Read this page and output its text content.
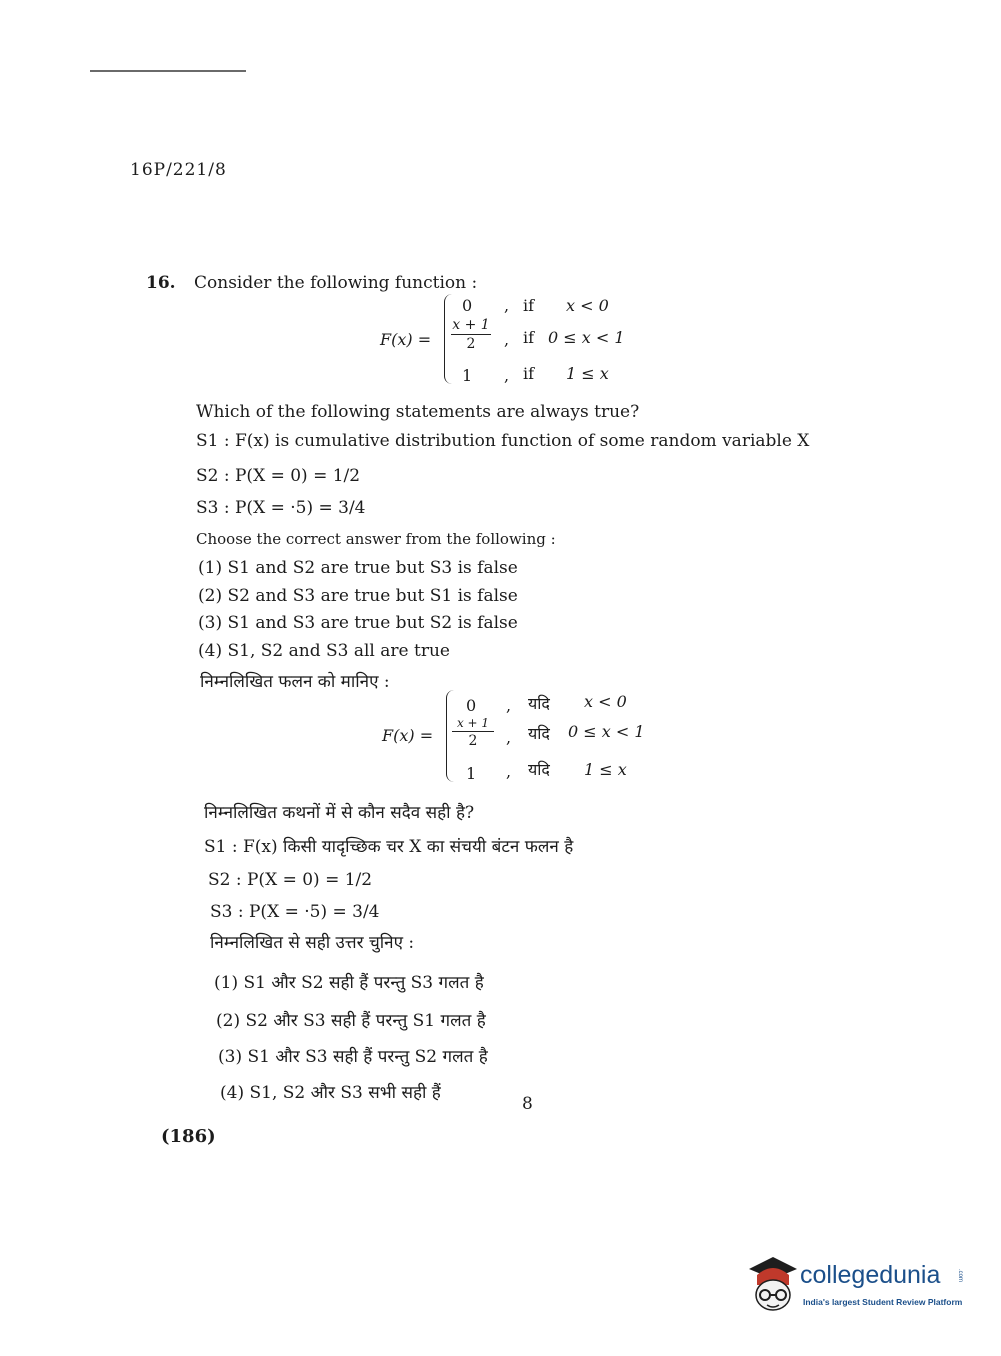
16P/221/8
16. Consider the following function :
F(x) =
0
x + 1
2
1
,
,
,
if
if
if
x < 0
0 ≤ x < 1
1 ≤ x
Which of the following statements are always true?
S1 : F(x) is cumulative distribution function of some random variable X
S2 : P(X = 0) = 1/2
S3 : P(X = ·5) = 3/4
Choose the correct answer from the following :
(1) S1 and S2 are true but S3 is false
(2) S2 and S3 are true but S1 is false
(3) S1 and S3 are true but S2 is false
(4) S1, S2 and S3 all are true
निम्नलिखित फलन को मानिए :
F(x) =
0
x + 1
2
1
,
,
,
यदि
यदि
यदि
x < 0
0 ≤ x < 1
1 ≤ x
निम्नलिखित कथनों में से कौन सदैव सही है?
S1 : F(x) किसी यादृच्छिक चर X का संचयी बंटन फलन है
S2 : P(X = 0) = 1/2
S3 : P(X = ·5) = 3/4
निम्नलिखित से सही उत्तर चुनिए :
(1) S1 और S2 सही हैं परन्तु S3 गलत है
(2) S2 और S3 सही हैं परन्तु S1 गलत है
(3) S1 और S3 सही हैं परन्तु S2 गलत है
(4) S1, S2 और S3 सभी सही हैं
8
(186)
collegedunia	.com
India's largest Student Review Platform
